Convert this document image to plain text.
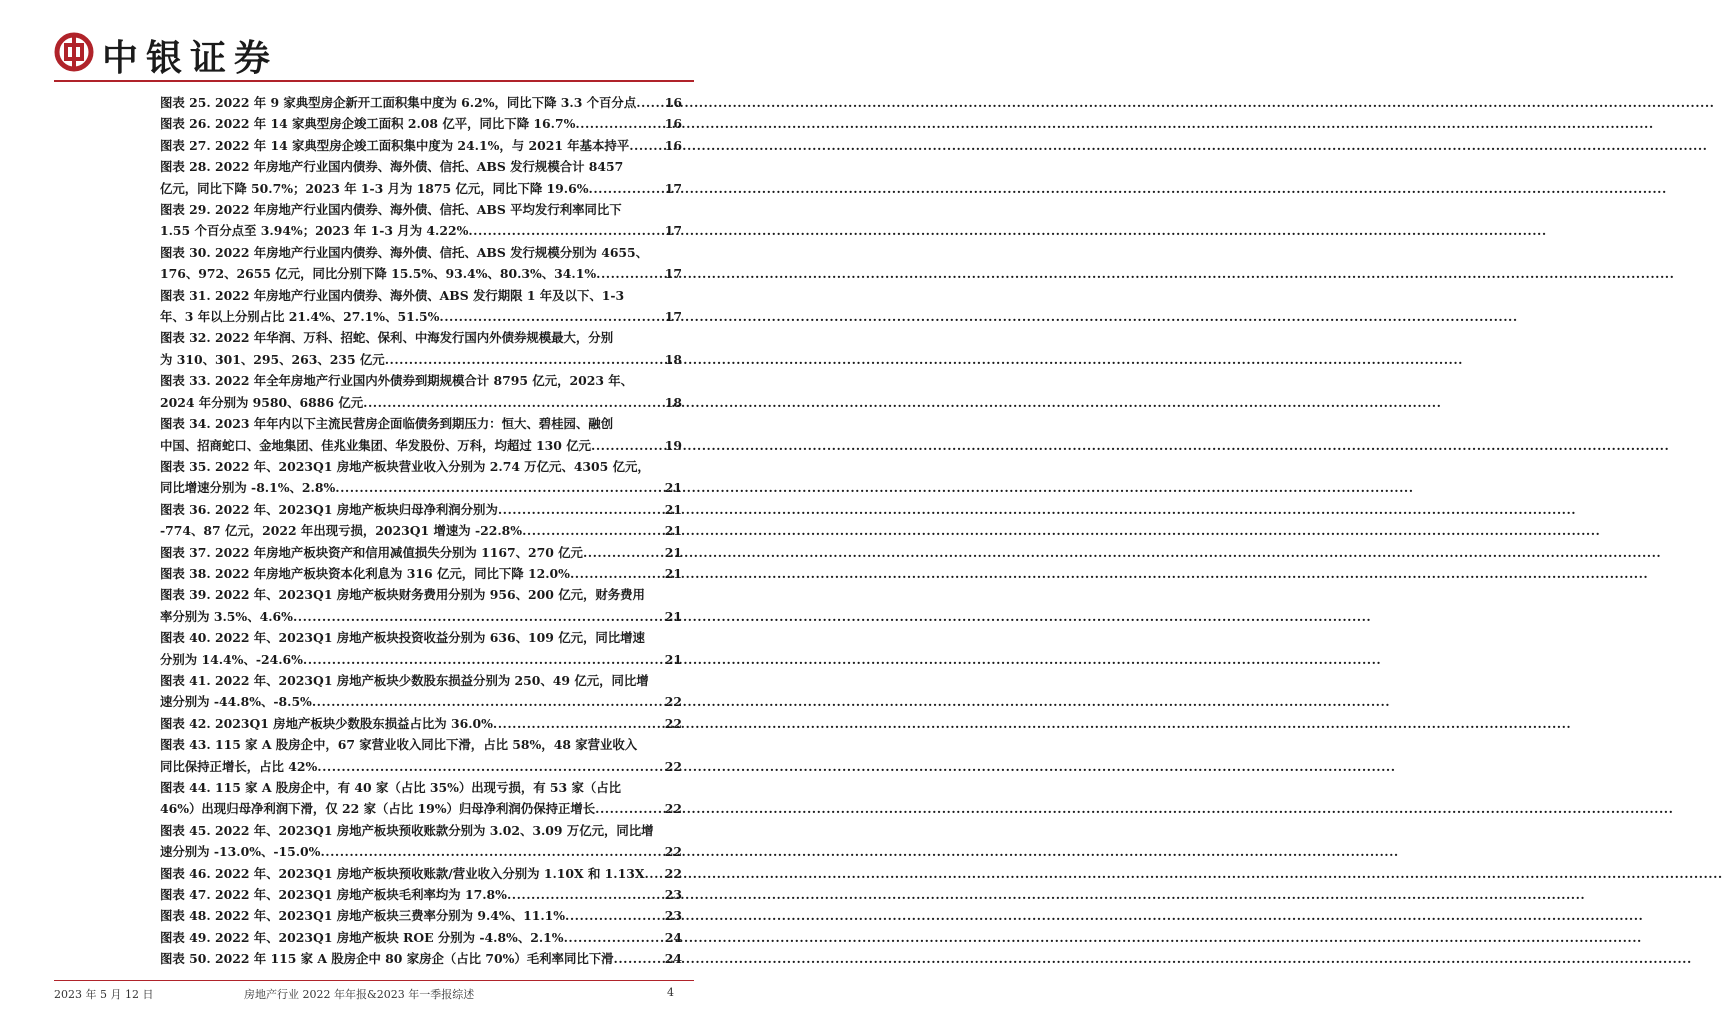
中银证券
图表 25. 2022 年 9 家典型房企新开工面积集中度为 6.2%，同比下降 3.3 个百分点 ..... 16
图表 26. 2022 年 14 家典型房企竣工面积 2.08 亿平，同比下降 16.7% .....	16
图表 27. 2022 年 14 家典型房企竣工面积集中度为 24.1%，与 2021 年基本持平 .....	16
图表 28. 2022 年房地产行业国内债券、海外债、信托、ABS 发行规模合计 8457
亿元，同比下降 50.7%；2023 年 1-3 月为 1875 亿元，同比下降 19.6% .....	17
图表 29. 2022 年房地产行业国内债券、海外债、信托、ABS 平均发行利率同比下
1.55 个百分点至 3.94%；2023 年 1-3 月为 4.22% .....	17
图表 30. 2022 年房地产行业国内债券、海外债、信托、ABS 发行规模分别为 4655、
176、972、2655 亿元，同比分别下降 15.5%、93.4%、80.3%、34.1% .....	17
图表 31. 2022 年房地产行业国内债券、海外债、ABS 发行期限 1 年及以下、1-3
年、3 年以上分别占比 21.4%、27.1%、51.5% .....	17
图表 32. 2022 年华润、万科、招蛇、保利、中海发行国内外债券规模最大，分别
为 310、301、295、263、235 亿元 .....	18
图表 33. 2022 年全年房地产行业国内外债券到期规模合计 8795 亿元，2023 年、
2024 年分别为 9580、6886 亿元 .....	18
图表 34. 2023 年年内以下主流民营房企面临债务到期压力：恒大、碧桂园、融创
中国、招商蛇口、金地集团、佳兆业集团、华发股份、万科，均超过 130 亿元 .....	19
图表 35. 2022 年、2023Q1 房地产板块营业收入分别为 2.74 万亿元、4305 亿元，
同比增速分别为 -8.1%、2.8% .....	21
图表 36. 2022 年、2023Q1 房地产板块归母净利润分别为 .....	21
-774、87 亿元，2022 年出现亏损，2023Q1 增速为 -22.8% .....	21
图表 37. 2022 年房地产板块资产和信用减值损失分别为 1167、270 亿元 .....	21
图表 38. 2022 年房地产板块资本化利息为 316 亿元，同比下降 12.0% .....	21
图表 39. 2022 年、2023Q1 房地产板块财务费用分别为 956、200 亿元，财务费用
率分别为 3.5%、4.6% .....	21
图表 40. 2022 年、2023Q1 房地产板块投资收益分别为 636、109 亿元，同比增速
分别为 14.4%、-24.6% .....	21
图表 41. 2022 年、2023Q1 房地产板块少数股东损益分别为 250、49 亿元，同比增
速分别为 -44.8%、-8.5% .....	22
图表 42. 2023Q1 房地产板块少数股东损益占比为 36.0% .....	22
图表 43. 115 家 A 股房企中，67 家营业收入同比下滑，占比 58%，48 家营业收入
同比保持正增长，占比 42% .....	22
图表 44. 115 家 A 股房企中，有 40 家（占比 35%）出现亏损，有 53 家（占比
46%）出现归母净利润下滑，仅 22 家（占比 19%）归母净利润仍保持正增长 .....	22
图表 45. 2022 年、2023Q1 房地产板块预收账款分别为 3.02、3.09 万亿元，同比增
速分别为 -13.0%、-15.0% .....	22
图表 46. 2022 年、2023Q1 房地产板块预收账款/营业收入分别为 1.10X 和 1.13X ..... 22
图表 47. 2022 年、2023Q1 房地产板块毛利率均为 17.8% .....	23
图表 48. 2022 年、2023Q1 房地产板块三费率分别为 9.4%、11.1% .....	23
图表 49. 2022 年、2023Q1 房地产板块 ROE 分别为 -4.8%、2.1% .....	24
图表 50. 2022 年 115 家 A 股房企中 80 家房企（占比 70%）毛利率同比下滑 .....	24
2023 年 5 月 12 日	房地产行业 2022 年年报&2023 年一季报综述	4
